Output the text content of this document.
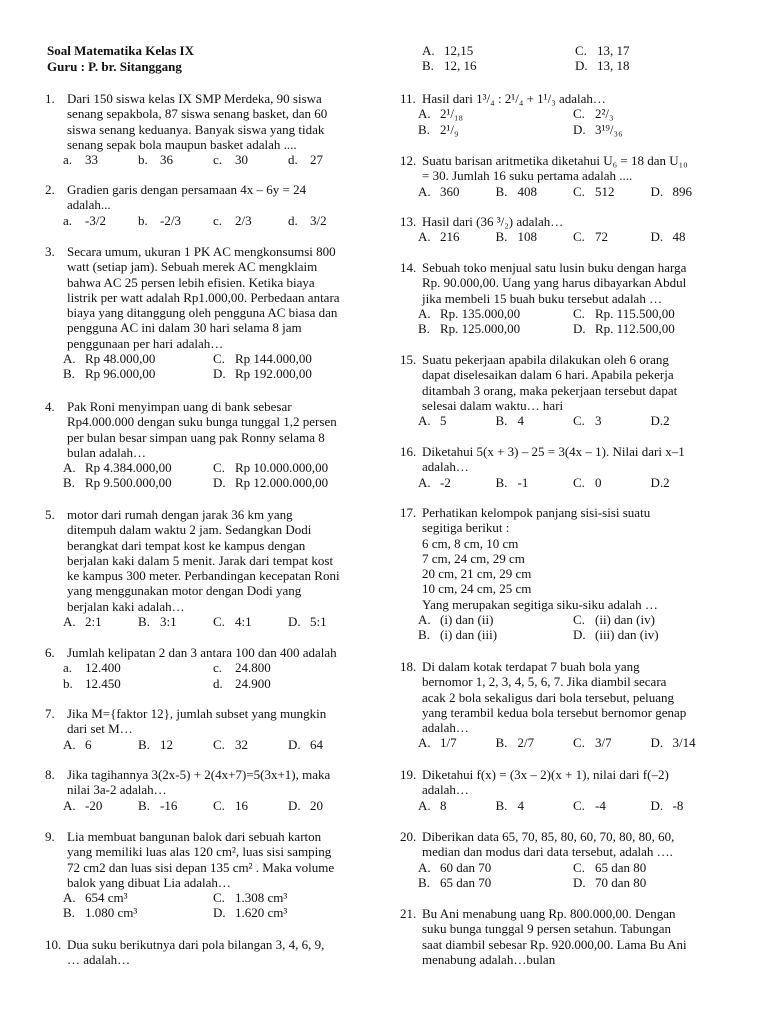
Soal Matematika Kelas IX
Guru : P. br. Sitanggang
1. Dari 150 siswa kelas IX SMP Merdeka, 90 siswa
senang sepakbola, 87 siswa senang basket, dan 60
siswa senang keduanya. Banyak siswa yang tidak
senang sepak bola maupun basket adalah ....
a. 33	b. 36	c. 30	d. 27
2. Gradien garis dengan persamaan 4x – 6y = 24
adalah...
a. -3/2	b. -2/3	c. 2/3	d. 3/2
3. Secara umum, ukuran 1 PK AC mengkonsumsi 800
watt (setiap jam). Sebuah merek AC mengklaim
bahwa AC 25 persen lebih efisien. Ketika biaya
listrik per watt adalah Rp1.000,00. Perbedaan antara
biaya yang ditanggung oleh pengguna AC biasa dan
pengguna AC ini dalam 30 hari selama 8 jam
penggunaan per hari adalah…
A. Rp 48.000,00	C. Rp 144.000,00
B. Rp 96.000,00	D. Rp 192.000,00
4. Pak Roni menyimpan uang di bank sebesar
Rp4.000.000 dengan suku bunga tunggal 1,2 persen
per bulan besar simpan uang pak Ronny selama 8
bulan adalah…
A. Rp 4.384.000,00	C. Rp 10.000.000,00
B. Rp 9.500.000,00	D. Rp 12.000.000,00
5. motor dari rumah dengan jarak 36 km yang
ditempuh dalam waktu 2 jam. Sedangkan Dodi
berangkat dari tempat kost ke kampus dengan
berjalan kaki dalam 5 menit. Jarak dari tempat kost
ke kampus 300 meter. Perbandingan kecepatan Roni
yang menggunakan motor dengan Dodi yang
berjalan kaki adalah…
A. 2:1	B. 3:1	C. 4:1	D. 5:1
6. Jumlah kelipatan 2 dan 3 antara 100 dan 400 adalah
a. 12.400	c. 24.800
b. 12.450	d. 24.900
7. Jika M={faktor 12}, jumlah subset yang mungkin
dari set M…
A. 6	B. 12	C. 32	D. 64
8. Jika tagihannya 3(2x-5) + 2(4x+7)=5(3x+1), maka
nilai 3a-2 adalah…
A. -20	B. -16	C. 16	D. 20
9. Lia membuat bangunan balok dari sebuah karton
yang memiliki luas alas 120 cm², luas sisi samping
72 cm2 dan luas sisi depan 135 cm² . Maka volume
balok yang dibuat Lia adalah…
A. 654 cm³	C. 1.308 cm³
B. 1.080 cm³	D. 1.620 cm³
10. Dua suku berikutnya dari pola bilangan 3, 4, 6, 9,
… adalah…
A. 12,15	C. 13, 17
B. 12, 16	D. 13, 18
11. Hasil dari 1³/₄ : 2¹/₄ + 1¹/₃ adalah…
A. 2¹/₁₈	C. 2²/₃
B. 2¹/₉	D. 3¹⁹/₃₆
12. Suatu barisan aritmetika diketahui U₆ = 18 dan U₁₀
= 30. Jumlah 16 suku pertama adalah ....
A. 360	B. 408	C. 512	D. 896
13. Hasil dari (36 ³/₂) adalah…
A. 216	B. 108	C. 72	D. 48
14. Sebuah toko menjual satu lusin buku dengan harga
Rp. 90.000,00. Uang yang harus dibayarkan Abdul
jika membeli 15 buah buku tersebut adalah …
A. Rp. 135.000,00	C. Rp. 115.500,00
B. Rp. 125.000,00	D. Rp. 112.500,00
15. Suatu pekerjaan apabila dilakukan oleh 6 orang
dapat diselesaikan dalam 6 hari. Apabila pekerja
ditambah 3 orang, maka pekerjaan tersebut dapat
selesai dalam waktu… hari
A. 5	B. 4	C. 3	D.2
16. Diketahui 5(x + 3) – 25 = 3(4x – 1). Nilai dari x–1
adalah…
A. -2	B. -1	C. 0	D.2
17. Perhatikan kelompok panjang sisi-sisi suatu
segitiga berikut :
6 cm, 8 cm, 10 cm
7 cm, 24 cm, 29 cm
20 cm, 21 cm, 29 cm
10 cm, 24 cm, 25 cm
Yang merupakan segitiga siku-siku adalah …
A. (i) dan (ii)	C. (ii) dan (iv)
B. (i) dan (iii)	D. (iii) dan (iv)
18. Di dalam kotak terdapat 7 buah bola yang
bernomor 1, 2, 3, 4, 5, 6, 7. Jika diambil secara
acak 2 bola sekaligus dari bola tersebut, peluang
yang terambil kedua bola tersebut bernomor genap
adalah…
A. 1/7	B. 2/7	C. 3/7	D. 3/14
19. Diketahui f(x) = (3x – 2)(x + 1), nilai dari f(–2)
adalah…
A. 8	B. 4	C. -4	D. -8
20. Diberikan data 65, 70, 85, 80, 60, 70, 80, 80, 60,
median dan modus dari data tersebut, adalah ….
A. 60 dan 70	C. 65 dan 80
B. 65 dan 70	D. 70 dan 80
21. Bu Ani menabung uang Rp. 800.000,00. Dengan
suku bunga tunggal 9 persen setahun. Tabungan
saat diambil sebesar Rp. 920.000,00. Lama Bu Ani
menabung adalah…bulan
